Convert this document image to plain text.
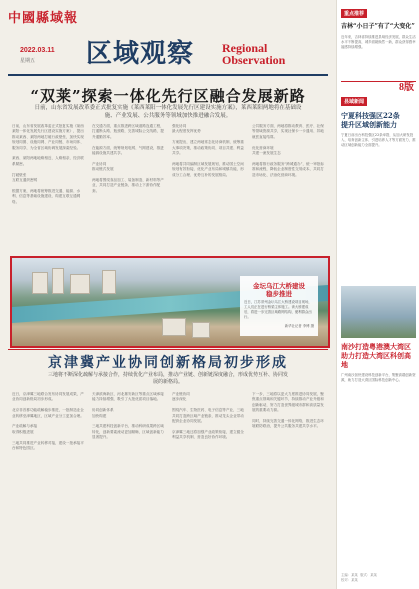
中國縣域報
2022.03.11
星期五 区域观察 Regional
Observation
“双莱”探索一体化先行区融合发展新路
日前，山东省发展改革委正式批复实施《莱西莱阳一体化发展先行区建设实施方案》，莱西莱阳两地将在基础设施、产业发展、公共服务等领域加快推进融合发展。
日前，山东省发展改革委正式批复实施《莱西莱阳一体化发展先行区建设实施方案》，提出推动莱西、莱阳两地打破行政壁垒，加快实现规划同图、设施同网、产业同链、市场同体、服务同享，为全省区域协调发展探索经验。

莱西、莱阳两地地缘相近、人缘相亲，经济联系紧密。

打破壁垒
互联互通织密网

根据方案，两地将统筹推进交通、能源、水利、信息等基础设施建设，构建互联互通网络。
在交通方面，重点推进跨区域道路连通工程，打通断头路、瓶颈路，完善城际公交线路，提升通勤效率。

在能源方面，统筹规划电网、气网建设，推进能源设施共建共享。

产业协同
推动链式发展

两地将围绕食品加工、装备制造、新材料等产业，共同打造产业链条，推动上下游协作配套。
强化协同
最大程度发挥优势

方案提出，建立两地常态化协商机制，统筹重大事项决策，推动政策协同、项目共建、利益共享。

两地将共同编制区域发展规划，推动国土空间规划有效衔接，优化产业布局和城镇功能，形成分工合理、优势互补的发展格局。
公共服务方面，两地将推动教育、医疗、社保等领域资源共享，实现社保卡一卡通用、异地就医直接结算。

优化营商环境
共建一流发展生态

两地将推行政务服务“跨城通办”，统一审批标准和流程，降低企业制度性交易成本，共同打造市场化、法治化营商环境。
金坛乌江大桥建设
稳步推进
近日，江苏常州金坛乌江大桥建设项目现场，工人们正在进行桥梁主体施工。该大桥建成后，将进一步完善区域路网结构，便利群众出行。
新华社记者 李博 摄
京津冀产业协同创新格局初步形成
三地将不断深化疏解与承接合作，持续优化产业布局，推动产业链、创新链深度融合，形成优势互补、协同发展的新格局。
近日，京津冀三地联合发布协同发展成果，产业协同创新格局初步形成。

北京非首都功能疏解稳步推进，一批制造业企业转移至津冀地区，区域产业分工更加合理。

产业疏解与承接
取得积极进展

三地共同推进产业转移对接，建设一批承接平台和特色园区。
天津滨海新区、河北雄安新区等重点区域承接能力持续增强，吸引了大批优质项目落地。

协同创新体系
加快构建

三地共建科技创新平台，推动科研成果跨区域转化，创新要素流动更加顺畅，区域创新能力显著提升。
产业链协同
逐步深化

围绕汽车、生物医药、电子信息等产业，三地共同打造跨区域产业链条，推动龙头企业带动配套企业协同发展。

京津冀三地还将加强产业政策衔接，建立健全利益共享机制，营造良好协作环境。
下一步，三地将以更大力度推进协同发展，聚焦重点领域和关键环节，持续推动产业升级和创新驱动，努力打造世界级城市群和高质量发展的重要动力源。

同时，持续完善交通一体化网络，推进生态环境联防联治，提升公共服务共建共享水平。
重点推荐
吉林“小日子”有了“大变化”
近年来，吉林省持续推进县域经济发展，群众生活水平不断提高，城乡面貌焕然一新，群众获得感幸福感持续增强。
8版
县域新闻
宁夏科技强区22条
提升区域创新能力
宁夏日前出台科技强区22条举措，从加大研发投入、培育创新主体、引进培养人才等方面发力，推动区域创新能力全面提升。
南沙打造粤港澳大湾区
助力打造大湾区科创高地
广州南沙加快建设科技创新平台，集聚高端创新资源，助力打造大湾区国际科技创新中心。
主编：某某  版式：某某
校对：某某
